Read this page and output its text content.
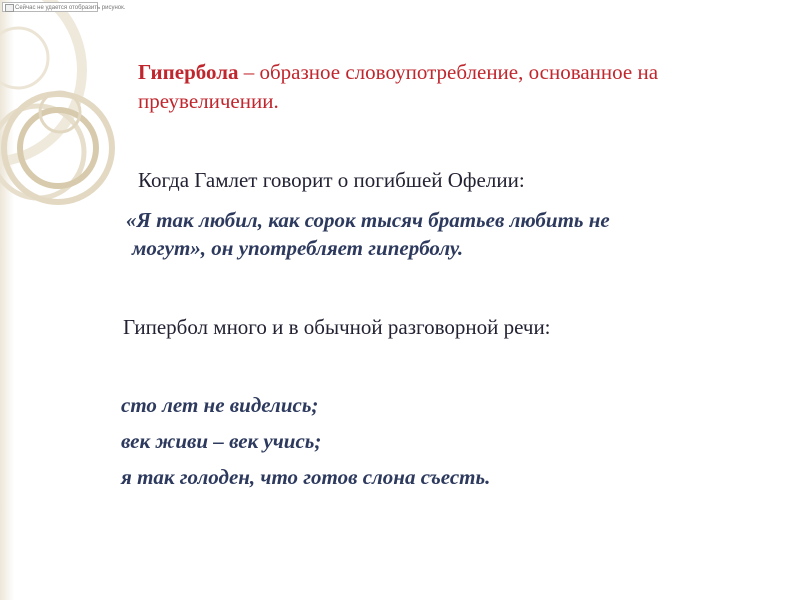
Сейчас не удается отобразить рисунок.
Гипербола – образное словоупотребление, основанное на преувеличении.
Когда Гамлет говорит о погибшей Офелии:
«Я так любил, как сорок тысяч братьев любить не
могут», он употребляет гиперболу.
Гипербол много и в обычной разговорной речи:
сто лет не виделись;
век живи – век учись;
я так голоден, что готов слона съесть.
